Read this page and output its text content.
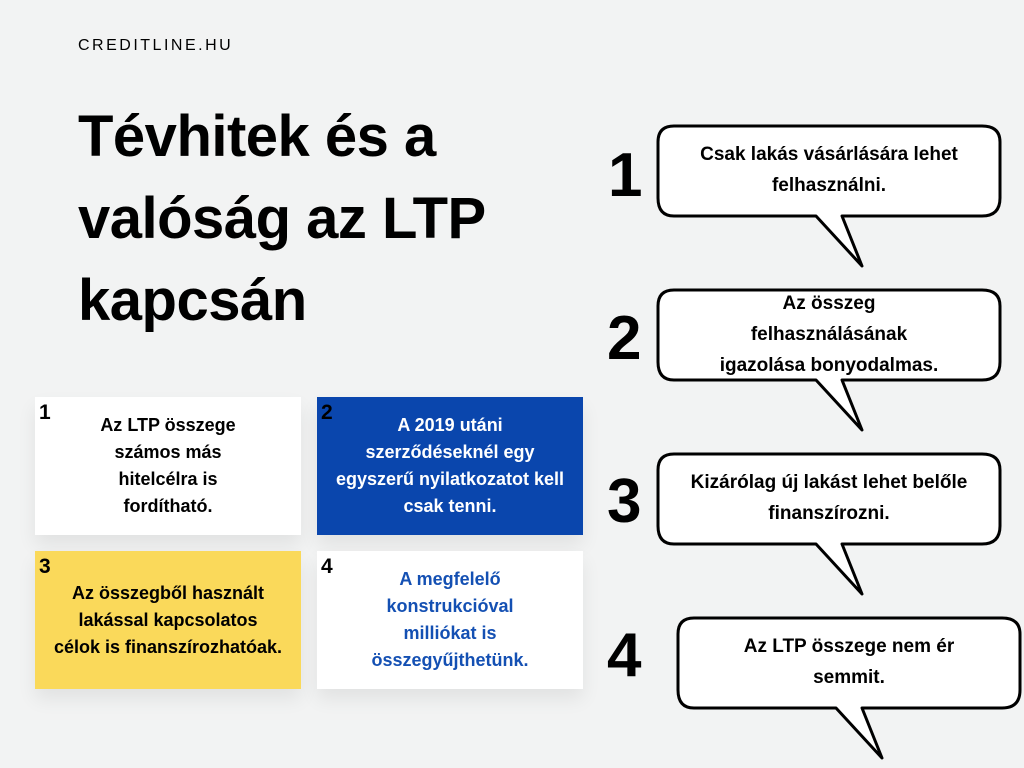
CREDITLINE.HU
Tévhitek és a
valóság az LTP
kapcsán
1
Az LTP összege számos más hitelcélra is fordítható.
2
A 2019 utáni szerződéseknél egy egyszerű nyilatkozatot kell csak tenni.
3
Az összegből használt lakással kapcsolatos célok is finanszírozhatóak.
4
A megfelelő konstrukcióval milliókat is összegyűjthetünk.
1
2
3
4
Csak lakás vásárlására lehet felhasználni.
Az összeg felhasználásának igazolása bonyodalmas.
Kizárólag új lakást lehet belőle finanszírozni.
Az LTP összege nem ér semmit.
